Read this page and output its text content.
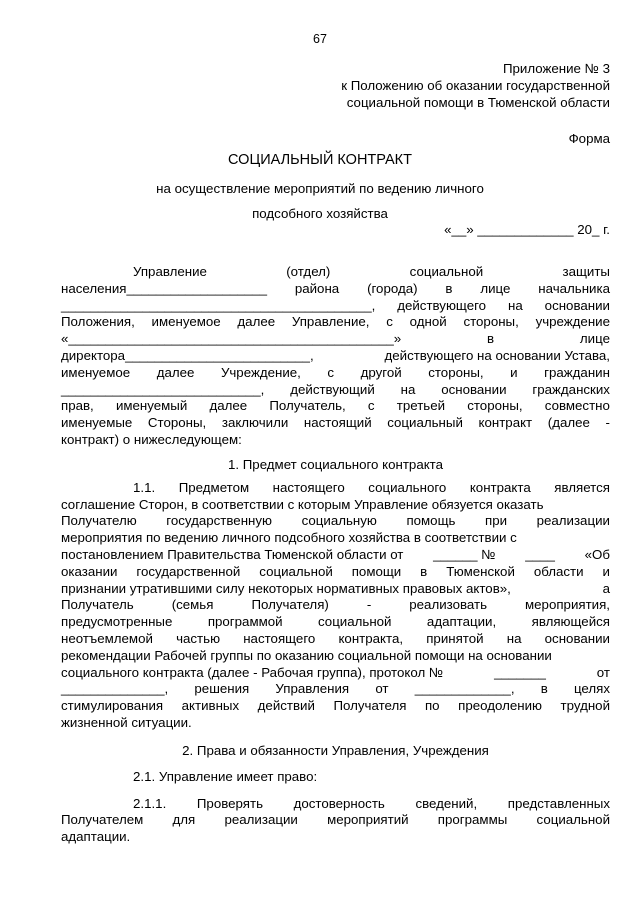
67
Приложение № 3
к Положению об оказании государственной
социальной помощи в Тюменской области
Форма
СОЦИАЛЬНЫЙ КОНТРАКТ
на осуществление мероприятий по ведению личного
подсобного хозяйства
«__» _____________ 20_ г.
Управление	(отдел)	социальной	защиты
населения___________________ района (города) в лице начальника
__________________________________________, действующего на основании
Положения, именуемое далее Управление, с одной стороны, учреждение
«____________________________________________»	в	лице
директора_________________________,	действующего на основании Устава,
именуемое далее Учреждение, с другой стороны, и гражданин
___________________________, действующий на основании гражданских
прав, именуемый далее Получатель, с третьей стороны, совместно
именуемые Стороны, заключили настоящий социальный контракт (далее -
контракт) о нижеследующем:
1. Предмет социального контракта
1.1. Предметом настоящего социального контракта является
соглашение Сторон, в соответствии с которым Управление обязуется оказать
Получателю государственную социальную помощь при реализации
мероприятия по ведению личного подсобного хозяйства в соответствии с
постановлением Правительства Тюменской области от ______ № ____ «Об
оказании государственной социальной помощи в Тюменской области и
признании утратившими силу некоторых нормативных правовых актов»,	а
Получатель	(семья	Получателя)	-	реализовать	мероприятия,
предусмотренные	программой	социальной	адаптации,	являющейся
неотъемлемой частью настоящего контракта, принятой на основании
рекомендации Рабочей группы по оказанию социальной помощи на основании
социального контракта (далее - Рабочая группа), протокол №	_______	от
______________, решения Управления от _____________, в целях
стимулирования активных действий Получателя по преодолению трудной
жизненной ситуации.
2. Права и обязанности Управления, Учреждения
2.1. Управление имеет право:
2.1.1. Проверять достоверность сведений, представленных
Получателем для реализации мероприятий программы социальной
адаптации.
